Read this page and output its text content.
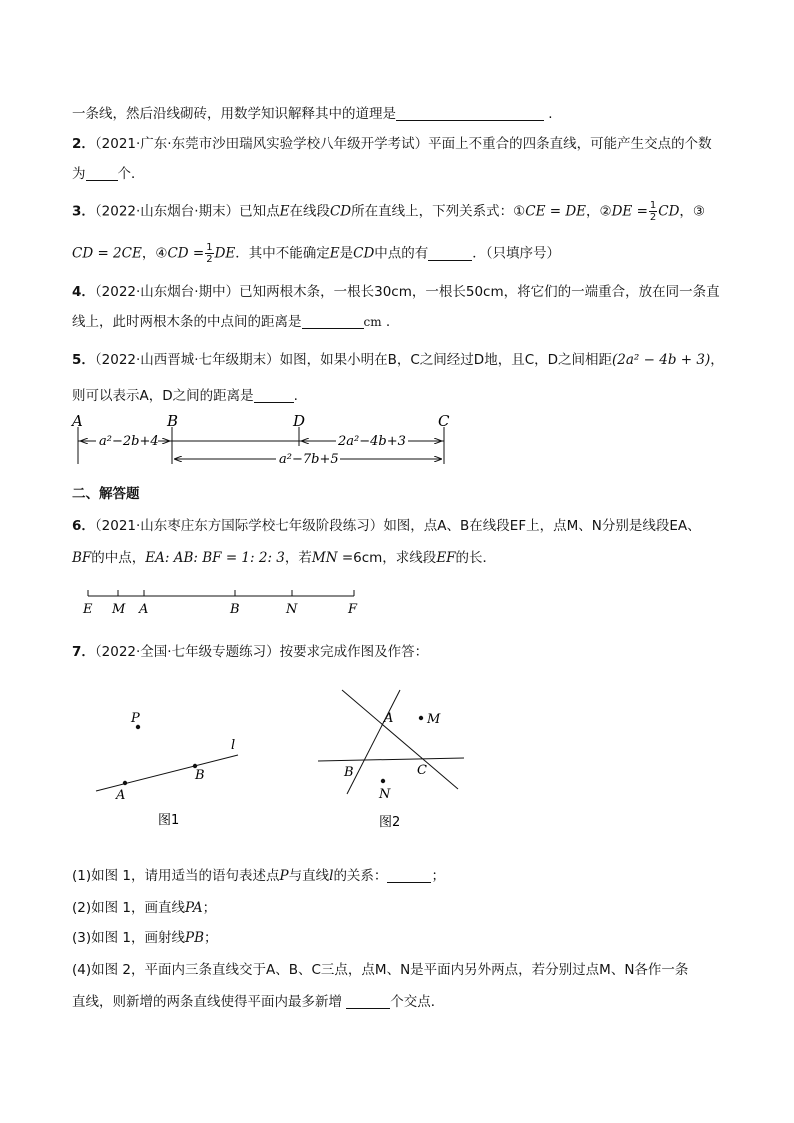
一条线，然后沿线砌砖，用数学知识解释其中的道理是	.
2．（2021·广东·东莞市沙田瑞风实验学校八年级开学考试）平面上不重合的四条直线，可能产生交点的个数
为 个．
3．（2022·山东烟台·期末）已知点E在线段CD所在直线上，下列关系式：①CE = DE，②DE = $\frac{1}{2}$ CD，③
CD = 2CE，④CD = $\frac{1}{2}$ DE．其中不能确定E是CD中点的有	．（只填序号）
4．（2022·山东烟台·期中）已知两根木条，一根长30cm，一根长50cm，将它们的一端重合，放在同一条直
线上，此时两根木条的中点间的距离是	cm .
5．（2022·山西晋城·七年级期末）如图，如果小明在B，C之间经过D地，且C，D之间相距(2a² − 4b + 3)，
则可以表示A，D之间的距离是	.
A	B	D	C
a²−2b+4	2a²−4b+3
a²−7b+5
二、解答题
6．（2021·山东枣庄东方国际学校七年级阶段练习）如图，点A、B在线段EF上，点M、N分别是线段EA、
BF的中点，EA: AB: BF = 1: 2: 3，若MN =6cm，求线段EF的长．
E M A	B	N	F
7．（2022·全国·七年级专题练习）按要求完成作图及作答：
P
A
B
l
图1
A
B	C
M
N
图2
(1)如图 1，请用适当的语句表述点P与直线l的关系：	；
(2)如图 1，画直线PA；
(3)如图 1，画射线PB；
(4)如图 2，平面内三条直线交于A、B、C三点，点M、N是平面内另外两点，若分别过点M、N各作一条
直线，则新增的两条直线使得平面内最多新增	个交点．
